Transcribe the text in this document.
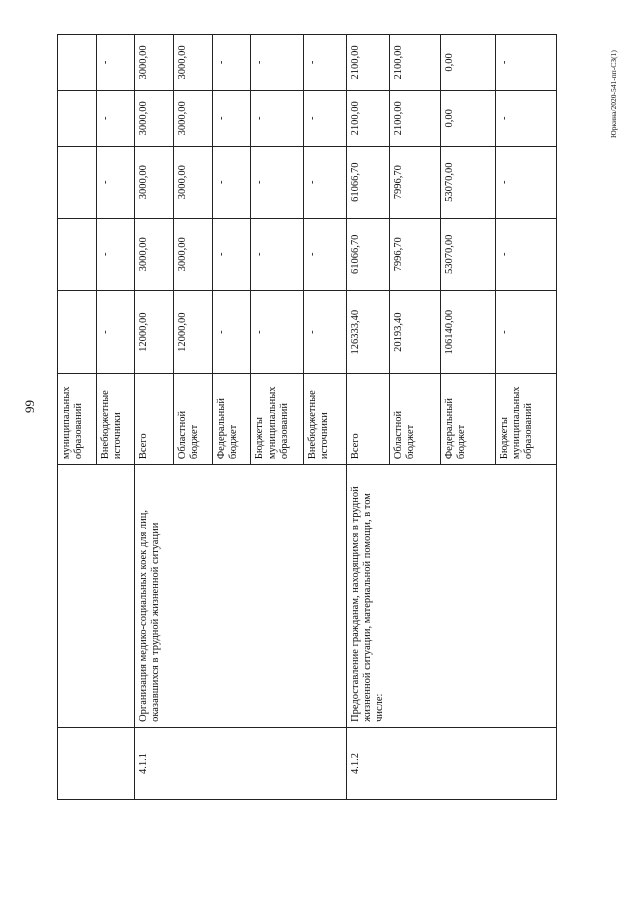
99
Юркина/2020-541-пп-СЗ(1)
		муниципальных образований					
		Внебюджетные источники	-	-	-	-	-
4.1.1	Организация медико-социальных коек для лиц, оказавшихся в трудной жизненной ситуации	Всего	12000,00	3000,00	3000,00	3000,00	3000,00
		Областной бюджет	12000,00	3000,00	3000,00	3000,00	3000,00
		Федеральный бюджет	-	-	-	-	-
		Бюджеты муниципальных образований	-	-	-	-	-
		Внебюджетные источники	-	-	-	-	-
4.1.2	Предоставление гражданам, находящимся в трудной жизненной ситуации, материальной помощи, в том числе:	Всего	126333,40	61066,70	61066,70	2100,00	2100,00
		Областной бюджет	20193,40	7996,70	7996,70	2100,00	2100,00
		Федеральный бюджет	106140,00	53070,00	53070,00	0,00	0,00
		Бюджеты муниципальных образований	-	-	-	-	-
